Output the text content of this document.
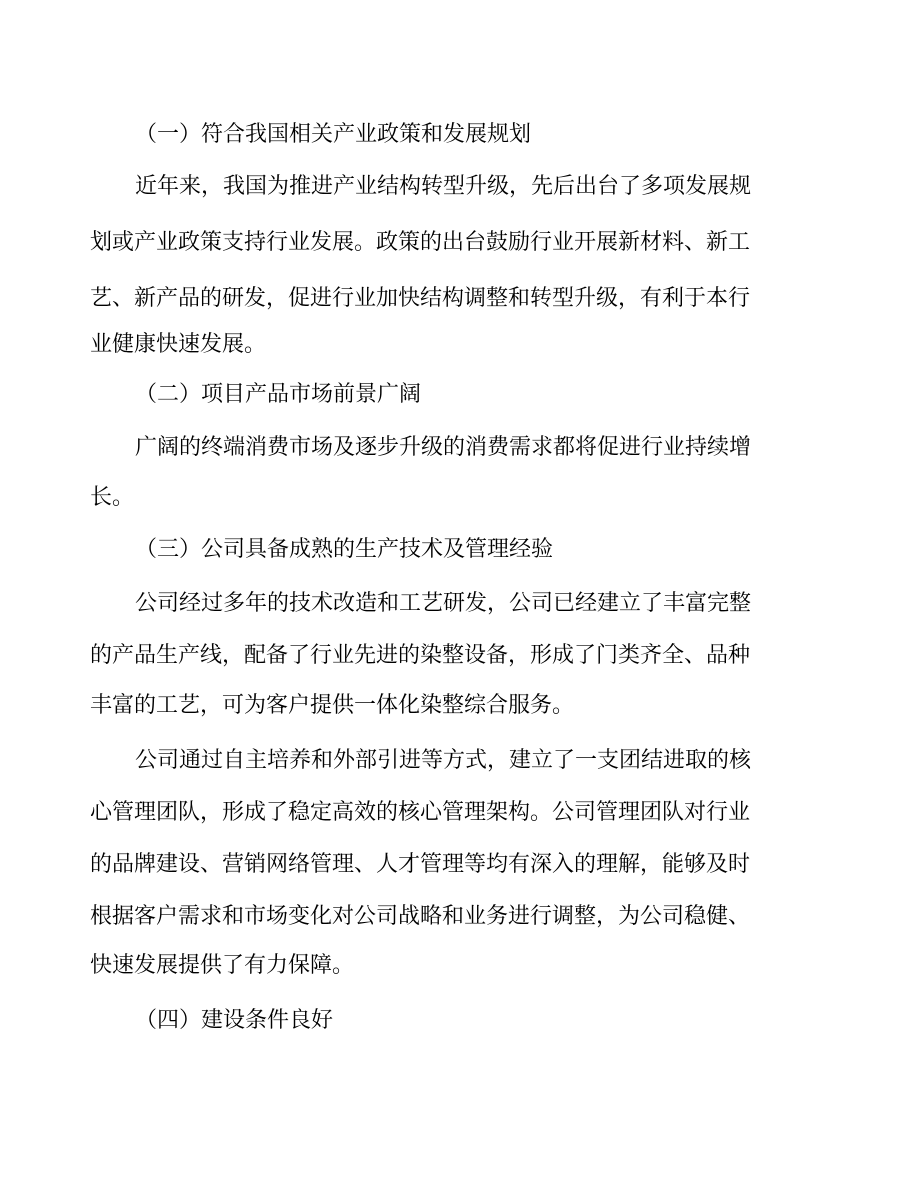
（一）符合我国相关产业政策和发展规划
近年来，我国为推进产业结构转型升级，先后出台了多项发展规
划或产业政策支持行业发展。政策的出台鼓励行业开展新材料、新工
艺、新产品的研发，促进行业加快结构调整和转型升级，有利于本行
业健康快速发展。
（二）项目产品市场前景广阔
广阔的终端消费市场及逐步升级的消费需求都将促进行业持续增
长。
（三）公司具备成熟的生产技术及管理经验
公司经过多年的技术改造和工艺研发，公司已经建立了丰富完整
的产品生产线，配备了行业先进的染整设备，形成了门类齐全、品种
丰富的工艺，可为客户提供一体化染整综合服务。
公司通过自主培养和外部引进等方式，建立了一支团结进取的核
心管理团队，形成了稳定高效的核心管理架构。公司管理团队对行业
的品牌建设、营销网络管理、人才管理等均有深入的理解，能够及时
根据客户需求和市场变化对公司战略和业务进行调整，为公司稳健、
快速发展提供了有力保障。
（四）建设条件良好
